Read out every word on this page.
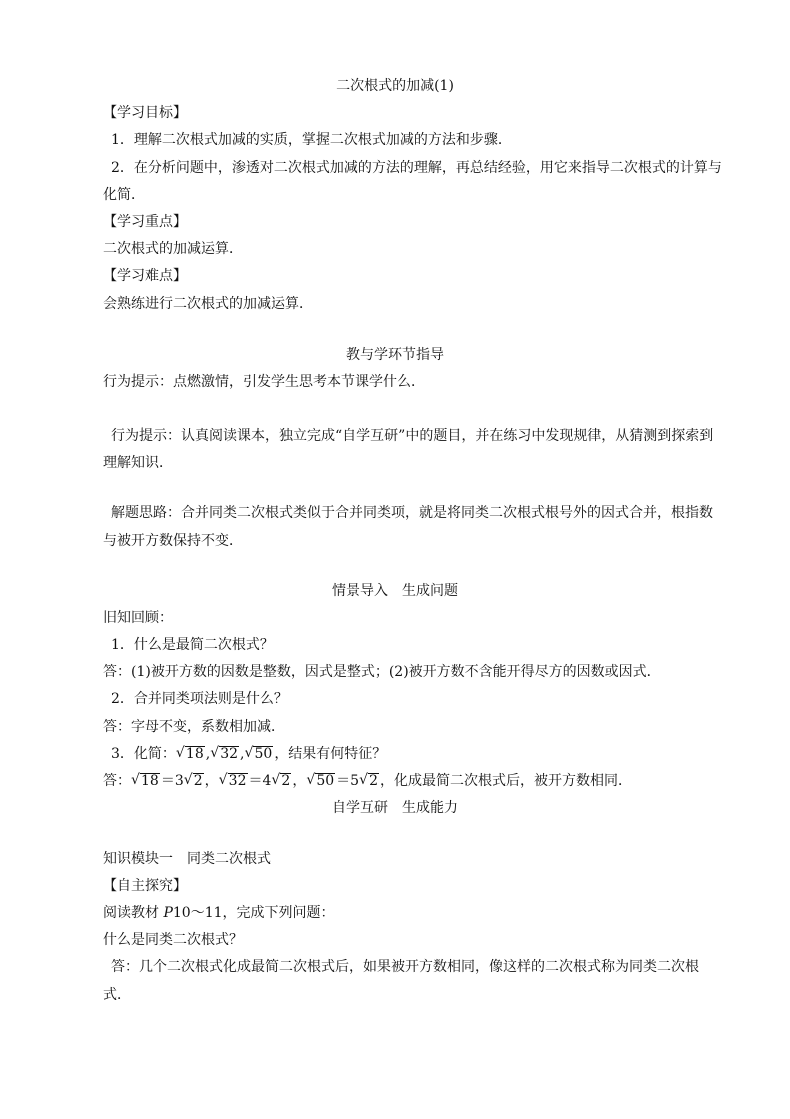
二次根式的加减(1)
【学习目标】
1．理解二次根式加减的实质，掌握二次根式加减的方法和步骤．
2．在分析问题中，渗透对二次根式加减的方法的理解，再总结经验，用它来指导二次根式的计算与
化简．
【学习重点】
二次根式的加减运算．
【学习难点】
会熟练进行二次根式的加减运算．
教与学环节指导
行为提示：点燃激情，引发学生思考本节课学什么．
行为提示：认真阅读课本，独立完成“自学互研”中的题目，并在练习中发现规律，从猜测到探索到
理解知识．
解题思路：合并同类二次根式类似于合并同类项，就是将同类二次根式根号外的因式合并，根指数
与被开方数保持不变．
情景导入　生成问题
旧知回顾：
1．什么是最简二次根式？
答：(1)被开方数的因数是整数，因式是整式；(2)被开方数不含能开得尽方的因数或因式．
2．合并同类项法则是什么？
答：字母不变，系数相加减．
3．化简： √ 18 , √ 32 , √ 50 ，结果有何特征？
答： √ 18 ＝3 √ 2 ， √ 32 ＝4 √ 2 ， √ 50 ＝5 √ 2 ，化成最简二次根式后，被开方数相同．
自学互研　生成能力
知识模块一　同类二次根式
【自主探究】
阅读教材 P10～11，完成下列问题：
什么是同类二次根式？
答：几个二次根式化成最简二次根式后，如果被开方数相同，像这样的二次根式称为同类二次根
式．
